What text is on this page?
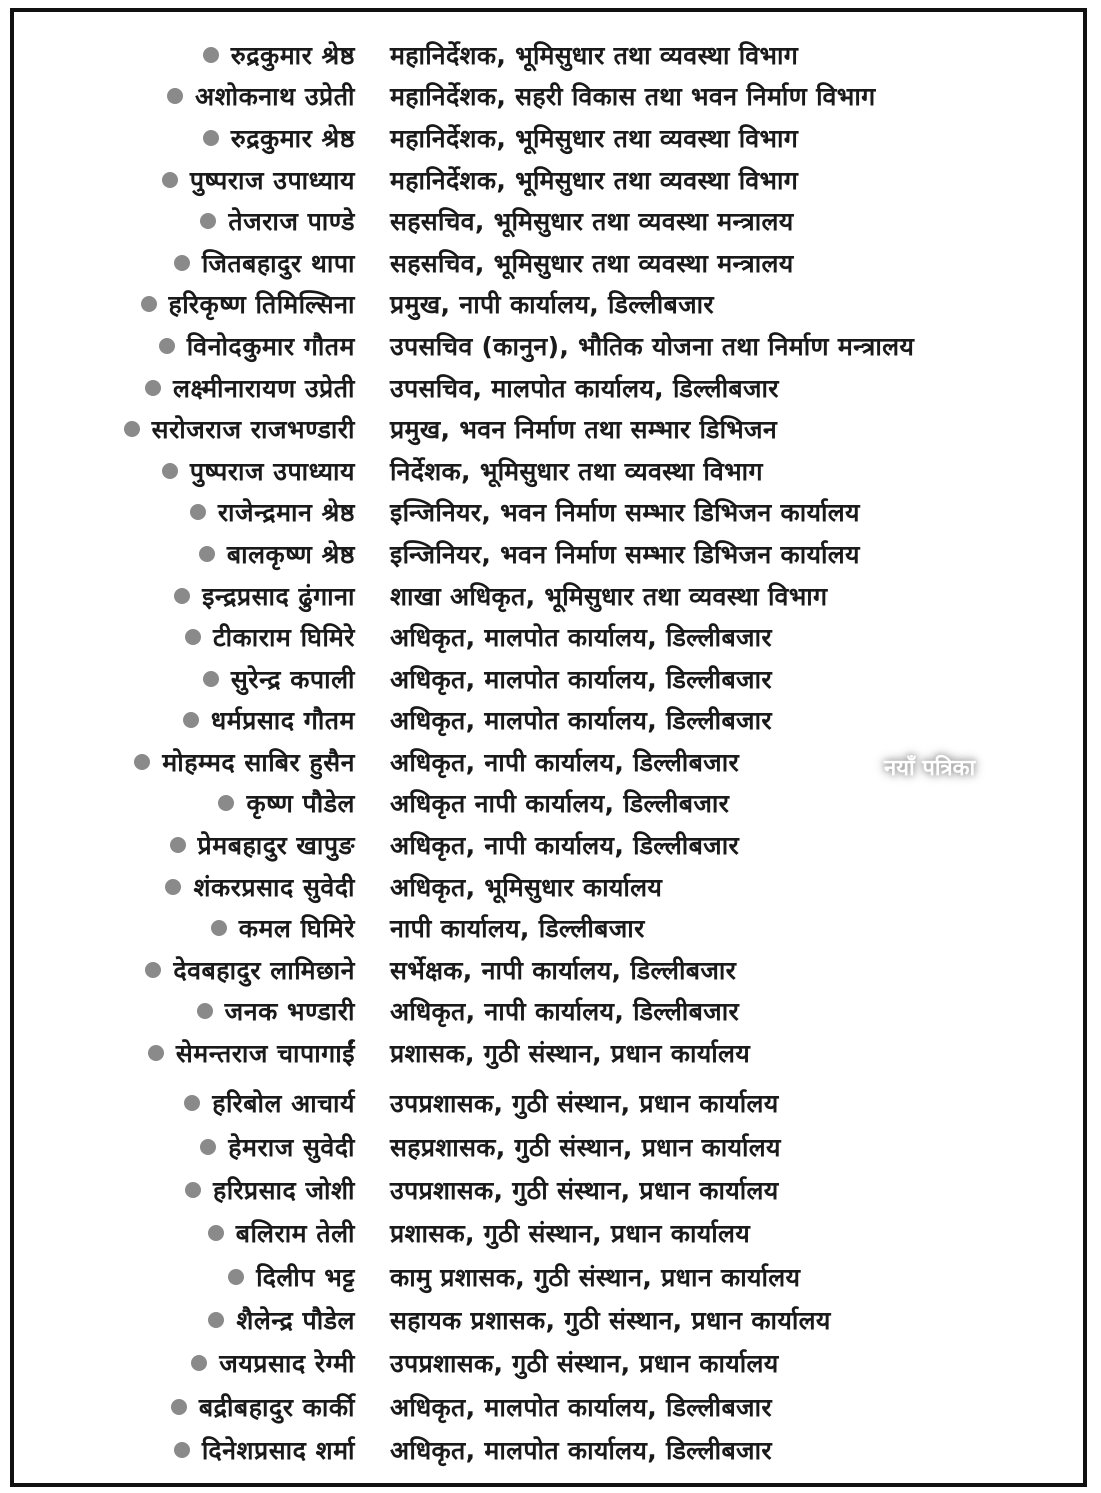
रुद्रकुमार श्रेष्ठ महानिर्देशक, भूमिसुधार तथा व्यवस्था विभाग
अशोकनाथ उप्रेती महानिर्देशक, सहरी विकास तथा भवन निर्माण विभाग
रुद्रकुमार श्रेष्ठ महानिर्देशक, भूमिसुधार तथा व्यवस्था विभाग
पुष्पराज उपाध्याय महानिर्देशक, भूमिसुधार तथा व्यवस्था विभाग
तेजराज पाण्डे सहसचिव, भूमिसुधार तथा व्यवस्था मन्त्रालय
जितबहादुर थापा सहसचिव, भूमिसुधार तथा व्यवस्था मन्त्रालय
हरिकृष्ण तिमिल्सिना प्रमुख, नापी कार्यालय, डिल्लीबजार
विनोदकुमार गौतम उपसचिव (कानुन), भौतिक योजना तथा निर्माण मन्त्रालय
लक्ष्मीनारायण उप्रेती उपसचिव, मालपोत कार्यालय, डिल्लीबजार
सरोजराज राजभण्डारी प्रमुख, भवन निर्माण तथा सम्भार डिभिजन
पुष्पराज उपाध्याय निर्देशक, भूमिसुधार तथा व्यवस्था विभाग
राजेन्द्रमान श्रेष्ठ इन्जिनियर, भवन निर्माण सम्भार डिभिजन कार्यालय
बालकृष्ण श्रेष्ठ इन्जिनियर, भवन निर्माण सम्भार डिभिजन कार्यालय
इन्द्रप्रसाद ढुंगाना शाखा अधिकृत, भूमिसुधार तथा व्यवस्था विभाग
टीकाराम घिमिरे अधिकृत, मालपोत कार्यालय, डिल्लीबजार
सुरेन्द्र कपाली अधिकृत, मालपोत कार्यालय, डिल्लीबजार
धर्मप्रसाद गौतम अधिकृत, मालपोत कार्यालय, डिल्लीबजार
मोहम्मद साबिर हुसैन अधिकृत, नापी कार्यालय, डिल्लीबजार
कृष्ण पौडेल अधिकृत नापी कार्यालय, डिल्लीबजार
प्रेमबहादुर खापुङ अधिकृत, नापी कार्यालय, डिल्लीबजार
शंकरप्रसाद सुवेदी अधिकृत, भूमिसुधार कार्यालय
कमल घिमिरे नापी कार्यालय, डिल्लीबजार
देवबहादुर लामिछाने सर्भेक्षक, नापी कार्यालय, डिल्लीबजार
जनक भण्डारी अधिकृत, नापी कार्यालय, डिल्लीबजार
सेमन्तराज चापागाईं प्रशासक, गुठी संस्थान, प्रधान कार्यालय
हरिबोल आचार्य उपप्रशासक, गुठी संस्थान, प्रधान कार्यालय
हेमराज सुवेदी सहप्रशासक, गुठी संस्थान, प्रधान कार्यालय
हरिप्रसाद जोशी उपप्रशासक, गुठी संस्थान, प्रधान कार्यालय
बलिराम तेली प्रशासक, गुठी संस्थान, प्रधान कार्यालय
दिलीप भट्ट कामु प्रशासक, गुठी संस्थान, प्रधान कार्यालय
शैलेन्द्र पौडेल सहायक प्रशासक, गुठी संस्थान, प्रधान कार्यालय
जयप्रसाद रेग्मी उपप्रशासक, गुठी संस्थान, प्रधान कार्यालय
बद्रीबहादुर कार्की अधिकृत, मालपोत कार्यालय, डिल्लीबजार
दिनेशप्रसाद शर्मा अधिकृत, मालपोत कार्यालय, डिल्लीबजार
नयाँ पत्रिका
